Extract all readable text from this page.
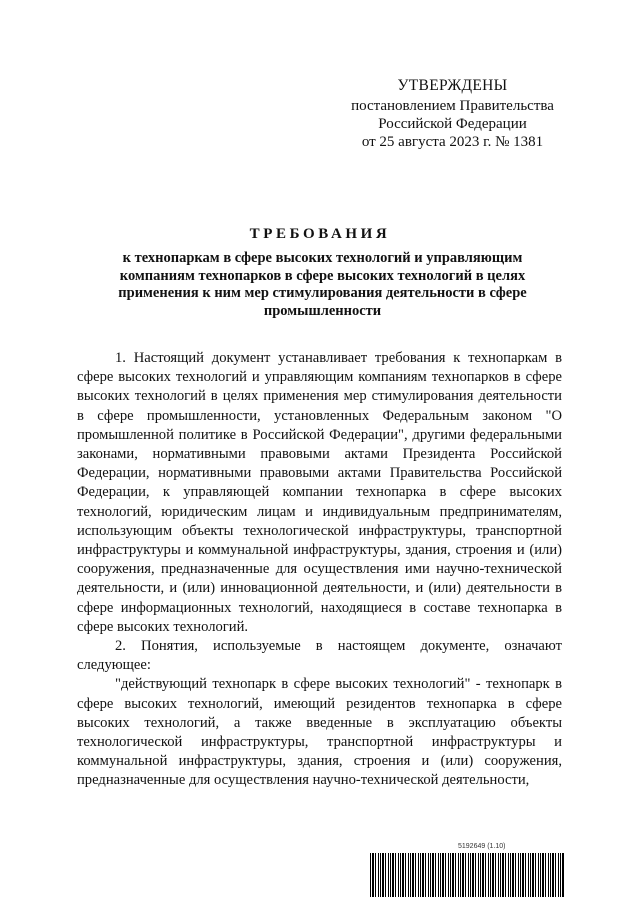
УТВЕРЖДЕНЫ
постановлением Правительства
Российской Федерации
от 25 августа 2023 г. № 1381
ТРЕБОВАНИЯ
к технопаркам в сфере высоких технологий и управляющим компаниям технопарков в сфере высоких технологий в целях применения к ним мер стимулирования деятельности в сфере промышленности

1. Настоящий документ устанавливает требования к технопаркам в сфере высоких технологий и управляющим компаниям технопарков в сфере высоких технологий в целях применения мер стимулирования деятельности в сфере промышленности, установленных Федеральным законом "О промышленной политике в Российской Федерации", другими федеральными законами, нормативными правовыми актами Президента Российской Федерации, нормативными правовыми актами Правительства Российской Федерации, к управляющей компании технопарка в сфере высоких технологий, юридическим лицам и индивидуальным предпринимателям, использующим объекты технологической инфраструктуры, транспортной инфраструктуры и коммунальной инфраструктуры, здания, строения и (или) сооружения, предназначенные для осуществления ими научно-технической деятельности, и (или) инновационной деятельности, и (или) деятельности в сфере информационных технологий, находящиеся в составе технопарка в сфере высоких технологий.

2. Понятия, используемые в настоящем документе, означают следующее:

"действующий технопарк в сфере высоких технологий" - технопарк в сфере высоких технологий, имеющий резидентов технопарка в сфере высоких технологий, а также введенные в эксплуатацию объекты технологической инфраструктуры, транспортной инфраструктуры и коммунальной инфраструктуры, здания, строения и (или) сооружения, предназначенные для осуществления научно-технической деятельности,

5192649 (1.10)
